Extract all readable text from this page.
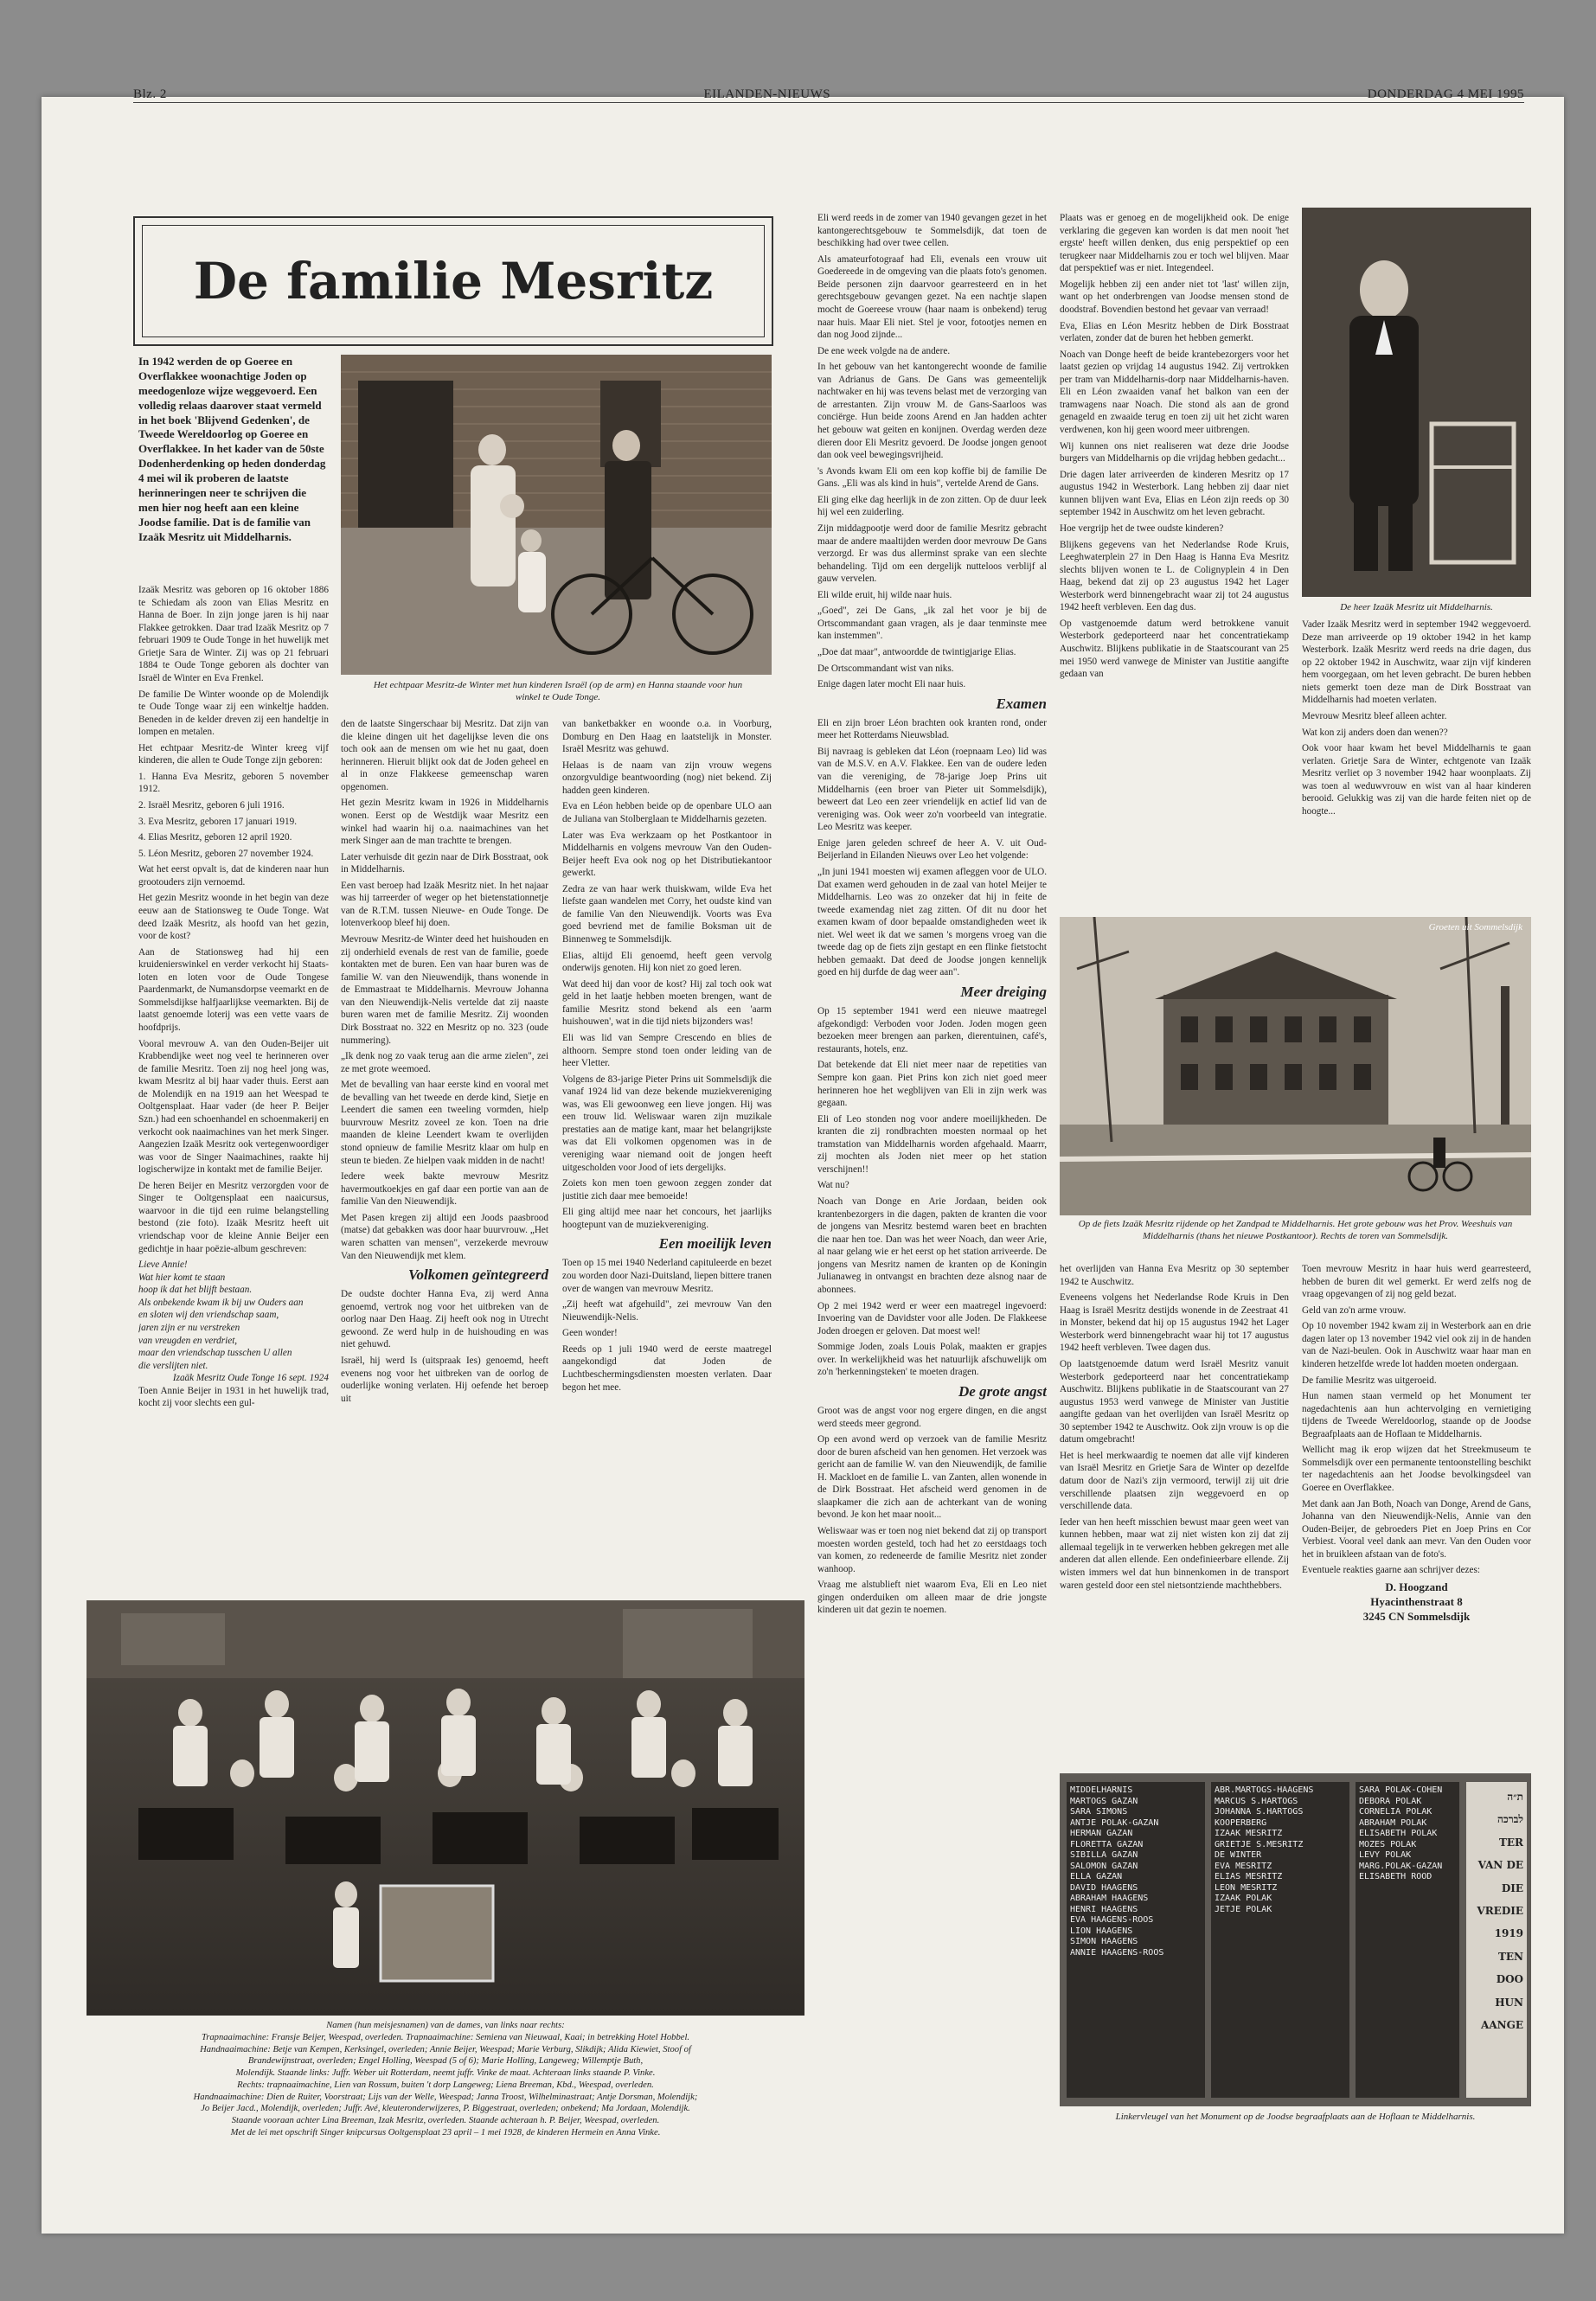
Blz. 2	EILANDEN-NIEUWS	DONDERDAG 4 MEI 1995
De familie Mesritz

In 1942 werden de op Goeree en Overflakkee woonachtige Joden op meedogenloze wijze weggevoerd. Een volledig relaas daarover staat vermeld in het boek 'Blijvend Gedenken', de Tweede Wereldoorlog op Goeree en Overflakkee. In het kader van de 50ste Dodenherdenking op heden donderdag 4 mei wil ik proberen de laatste herinneringen neer te schrijven die men hier nog heeft aan een kleine Joodse familie. Dat is de familie van Izaäk Mesritz uit Middelharnis.

Het echtpaar Mesritz-de Winter met hun kinderen Israël (op de arm) en Hanna staande voor hun winkel te Oude Tonge.

Izaäk Mesritz was geboren op 16 oktober 1886 te Schiedam als zoon van Elias Mesritz en Hanna de Boer. In zijn jonge jaren is hij naar Flakkee getrokken. Daar trad Izaäk Mesritz op 7 februari 1909 te Oude Tonge in het huwelijk met Grietje Sara de Winter. Zij was op 21 februari 1884 te Oude Tonge geboren als dochter van Israël de Winter en Eva Frenkel.

De familie De Winter woonde op de Molendijk te Oude Tonge waar zij een winkeltje hadden. Beneden in de kelder dreven zij een handeltje in lompen en metalen.

Het echtpaar Mesritz-de Winter kreeg vijf kinderen, die allen te Oude Tonge zijn geboren:

1. Hanna Eva Mesritz, geboren 5 november 1912.

2. Israël Mesritz, geboren 6 juli 1916.

3. Eva Mesritz, geboren 17 januari 1919.

4. Elias Mesritz, geboren 12 april 1920.

5. Léon Mesritz, geboren 27 november 1924.

Wat het eerst opvalt is, dat de kinderen naar hun grootouders zijn vernoemd.

Het gezin Mesritz woonde in het begin van deze eeuw aan de Stationsweg te Oude Tonge. Wat deed Izaäk Mesritz, als hoofd van het gezin, voor de kost?

Aan de Stationsweg had hij een kruidenierswinkel en verder verkocht hij Staats-loten en loten voor de Oude Tongese Paardenmarkt, de Numansdorpse veemarkt en de Sommelsdijkse halfjaarlijkse veemarkten. Bij de laatst genoemde loterij was een vette vaars de hoofdprijs.

Vooral mevrouw A. van den Ouden-Beijer uit Krabbendijke weet nog veel te herinneren over de familie Mesritz. Toen zij nog heel jong was, kwam Mesritz al bij haar vader thuis. Eerst aan de Molendijk en na 1919 aan het Weespad te Ooltgensplaat. Haar vader (de heer P. Beijer Szn.) had een schoenhandel en schoenmakerij en verkocht ook naaimachines van het merk Singer. Aangezien Izaäk Mesritz ook vertegenwoordiger was voor de Singer Naaimachines, raakte hij logischerwijze in kontakt met de familie Beijer.

De heren Beijer en Mesritz verzorgden voor de Singer te Ooltgensplaat een naaicursus, waarvoor in die tijd een ruime belangstelling bestond (zie foto). Izaäk Mesritz heeft uit vriendschap voor de kleine Annie Beijer een gedichtje in haar poëzie-album geschreven:

Lieve Annie!
Wat hier komt te staan
hoop ik dat het blijft bestaan.
Als onbekende kwam ik bij uw Ouders aan
en sloten wij den vriendschap saam,
jaren zijn er nu verstreken
van vreugden en verdriet,
maar den vriendschap tusschen U allen
die verslijten niet.
Izaäk Mesritz Oude Tonge 16 sept. 1924

Toen Annie Beijer in 1931 in het huwelijk trad, kocht zij voor slechts een gul-

den de laatste Singerschaar bij Mesritz. Dat zijn van die kleine dingen uit het dagelijkse leven die ons toch ook aan de mensen om wie het nu gaat, doen herinneren. Hieruit blijkt ook dat de Joden geheel en al in onze Flakkeese gemeenschap waren opgenomen.

Het gezin Mesritz kwam in 1926 in Middelharnis wonen. Eerst op de Westdijk waar Mesritz een winkel had waarin hij o.a. naaimachines van het merk Singer aan de man trachtte te brengen.

Later verhuisde dit gezin naar de Dirk Bosstraat, ook in Middelharnis.

Een vast beroep had Izaäk Mesritz niet. In het najaar was hij tarreerder of weger op het bietenstationnetje van de R.T.M. tussen Nieuwe- en Oude Tonge. De lotenverkoop bleef hij doen.

Mevrouw Mesritz-de Winter deed het huishouden en zij onderhield evenals de rest van de familie, goede kontakten met de buren. Een van haar buren was de familie W. van den Nieuwendijk, thans wonende in de Emmastraat te Middelharnis. Mevrouw Johanna van den Nieuwendijk-Nelis vertelde dat zij naaste buren waren met de familie Mesritz. Zij woonden Dirk Bosstraat no. 322 en Mesritz op no. 323 (oude nummering).

„Ik denk nog zo vaak terug aan die arme zielen", zei ze met grote weemoed.

Met de bevalling van haar eerste kind en vooral met de bevalling van het tweede en derde kind, Sietje en Leendert die samen een tweeling vormden, hielp buurvrouw Mesritz zoveel ze kon. Toen na drie maanden de kleine Leendert kwam te overlijden stond opnieuw de familie Mesritz klaar om hulp en steun te bieden. Ze hielpen vaak midden in de nacht!

Iedere week bakte mevrouw Mesritz havermoutkoekjes en gaf daar een portie van aan de familie Van den Nieuwendijk.

Met Pasen kregen zij altijd een Joods paasbrood (matse) dat gebakken was door haar buurvrouw. „Het waren schatten van mensen", verzekerde mevrouw Van den Nieuwendijk met klem.

Volkomen geïntegreerd

De oudste dochter Hanna Eva, zij werd Anna genoemd, vertrok nog voor het uitbreken van de oorlog naar Den Haag. Zij heeft ook nog in Utrecht gewoond. Ze werd hulp in de huishouding en was niet gehuwd.

Israël, hij werd Is (uitspraak Ies) genoemd, heeft evenens nog voor het uitbreken van de oorlog de ouderlijke woning verlaten. Hij oefende het beroep uit

van banketbakker en woonde o.a. in Voorburg, Domburg en Den Haag en laatstelijk in Monster. Israël Mesritz was gehuwd.

Helaas is de naam van zijn vrouw wegens onzorgvuldige beantwoording (nog) niet bekend. Zij hadden geen kinderen.

Eva en Léon hebben beide op de openbare ULO aan de Juliana van Stolberglaan te Middelharnis gezeten.

Later was Eva werkzaam op het Postkantoor in Middelharnis en volgens mevrouw Van den Ouden-Beijer heeft Eva ook nog op het Distributiekantoor gewerkt.

Zedra ze van haar werk thuiskwam, wilde Eva het liefste gaan wandelen met Corry, het oudste kind van de familie Van den Nieuwendijk. Voorts was Eva goed bevriend met de familie Boksman uit de Binnenweg te Sommelsdijk.

Elias, altijd Eli genoemd, heeft geen vervolg onderwijs genoten. Hij kon niet zo goed leren.

Wat deed hij dan voor de kost? Hij zal toch ook wat geld in het laatje hebben moeten brengen, want de familie Mesritz stond bekend als een 'aarm huishouwen', wat in die tijd niets bijzonders was!

Eli was lid van Sempre Crescendo en blies de althoorn. Sempre stond toen onder leiding van de heer Vletter.

Volgens de 83-jarige Pieter Prins uit Sommelsdijk die vanaf 1924 lid van deze bekende muziekvereniging was, was Eli gewoonweg een lieve jongen. Hij was een trouw lid. Weliswaar waren zijn muzikale prestaties aan de matige kant, maar het belangrijkste was dat Eli volkomen opgenomen was in de vereniging waar niemand ooit de jongen heeft uitgescholden voor Jood of iets dergelijks.

Zoiets kon men toen gewoon zeggen zonder dat justitie zich daar mee bemoeide!

Eli ging altijd mee naar het concours, het jaarlijks hoogtepunt van de muziekvereniging.

Een moeilijk leven

Toen op 15 mei 1940 Nederland capituleerde en bezet zou worden door Nazi-Duitsland, liepen bittere tranen over de wangen van mevrouw Mesritz.

„Zij heeft wat afgehuild", zei mevrouw Van den Nieuwendijk-Nelis.

Geen wonder!

Reeds op 1 juli 1940 werd de eerste maatregel aangekondigd dat Joden de Luchtbeschermingsdiensten moesten verlaten. Daar begon het mee.

Namen (hun meisjesnamen) van de dames, van links naar rechts:
Trapnaaimachine: Fransje Beijer, Weespad, overleden. Trapnaaimachine: Semiena van Nieuwaal, Kaai; in betrekking Hotel Hobbel.
Handnaaimachine: Betje van Kempen, Kerksingel, overleden; Annie Beijer, Weespad; Marie Verburg, Slikdijk; Alida Kiewiet, Stoof of
Brandewijnstraat, overleden; Engel Holling, Weespad (5 of 6); Marie Holling, Langeweg; Willemptje Buth,
Molendijk. Staande links: Juffr. Weber uit Rotterdam, neemt juffr. Vinke de maat. Achteraan links staande P. Vinke.
Rechts: trapnaaimachine, Lien van Rossum, buiten 't dorp Langeweg; Liena Breeman, Kbd., Weespad, overleden.
Handnaaimachine: Dien de Ruiter, Voorstraat; Lijs van der Welle, Weespad; Janna Troost, Wilhelminastraat; Antje Dorsman, Molendijk;
Jo Beijer Jacd., Molendijk, overleden; Juffr. Avé, kleuteronderwijzeres, P. Biggestraat, overleden; onbekend; Ma Jordaan, Molendijk.
Staande vooraan achter Lina Breeman, Izak Mesritz, overleden. Staande achteraan h. P. Beijer, Weespad, overleden.
Met de lei met opschrift Singer knipcursus Ooltgensplaat 23 april – 1 mei 1928, de kinderen Hermein en Anna Vinke.

Eli werd reeds in de zomer van 1940 gevangen gezet in het kantongerechtsgebouw te Sommelsdijk, dat toen de beschikking had over twee cellen.

Als amateurfotograaf had Eli, evenals een vrouw uit Goedereede in de omgeving van die plaats foto's genomen. Beide personen zijn daarvoor gearresteerd en in het gerechtsgebouw gevangen gezet. Na een nachtje slapen mocht de Goereese vrouw (haar naam is onbekend) terug naar huis. Maar Eli niet. Stel je voor, fotootjes nemen en dan nog Jood zijnde...

De ene week volgde na de andere.

In het gebouw van het kantongerecht woonde de familie van Adrianus de Gans. De Gans was gemeentelijk nachtwaker en hij was tevens belast met de verzorging van de arrestanten. Zijn vrouw M. de Gans-Saarloos was conciërge. Hun beide zoons Arend en Jan hadden achter het gebouw wat geiten en konijnen. Overdag werden deze dieren door Eli Mesritz gevoerd. De Joodse jongen genoot dan ook veel bewegingsvrijheid.

's Avonds kwam Eli om een kop koffie bij de familie De Gans. „Eli was als kind in huis", vertelde Arend de Gans.

Eli ging elke dag heerlijk in de zon zitten. Op de duur leek hij wel een zuiderling.

Zijn middagpootje werd door de familie Mesritz gebracht maar de andere maaltijden werden door mevrouw De Gans verzorgd. Er was dus allerminst sprake van een slechte behandeling. Tijd om een dergelijk nutteloos verblijf al gauw vervelen.

Eli wilde eruit, hij wilde naar huis.

„Goed", zei De Gans, „ik zal het voor je bij de Ortscommandant gaan vragen, als je daar tenminste mee kan instemmen".

„Doe dat maar", antwoordde de twintigjarige Elias.

De Ortscommandant wist van niks.

Enige dagen later mocht Eli naar huis.

Examen

Eli en zijn broer Léon brachten ook kranten rond, onder meer het Rotterdams Nieuwsblad.

Bij navraag is gebleken dat Léon (roepnaam Leo) lid was van de M.S.V. en A.V. Flakkee. Een van de oudere leden van die vereniging, de 78-jarige Joep Prins uit Middelharnis (een broer van Pieter uit Sommelsdijk), beweert dat Leo een zeer vriendelijk en actief lid van de vereniging was. Ook weer zo'n voorbeeld van integratie. Leo Mesritz was keeper.

Enige jaren geleden schreef de heer A. V. uit Oud-Beijerland in Eilanden Nieuws over Leo het volgende:

„In juni 1941 moesten wij examen afleggen voor de ULO. Dat examen werd gehouden in de zaal van hotel Meijer te Middelharnis. Leo was zo onzeker dat hij in feite de tweede examendag niet zag zitten. Of dit nu door het examen kwam of door bepaalde omstandigheden weet ik niet. Wel weet ik dat we samen 's morgens vroeg van die tweede dag op de fiets zijn gestapt en een flinke fietstocht hebben gemaakt. Dat deed de Joodse jongen kennelijk goed en hij durfde de dag weer aan".

Meer dreiging

Op 15 september 1941 werd een nieuwe maatregel afgekondigd: Verboden voor Joden. Joden mogen geen bezoeken meer brengen aan parken, dierentuinen, café's, restaurants, hotels, enz.

Dat betekende dat Eli niet meer naar de repetities van Sempre kon gaan. Piet Prins kon zich niet goed meer herinneren hoe het wegblijven van Eli in zijn werk was gegaan.

Eli of Leo stonden nog voor andere moeilijkheden. De kranten die zij rondbrachten moesten normaal op het tramstation van Middelharnis worden afgehaald. Maarrr, zij mochten als Joden niet meer op het station verschijnen!!

Wat nu?

Noach van Donge en Arie Jordaan, beiden ook krantenbezorgers in die dagen, pakten de kranten die voor de jongens van Mesritz bestemd waren beet en brachten die naar hen toe. Dan was het weer Noach, dan weer Arie, al naar gelang wie er het eerst op het station arriveerde. De jongens van Mesritz namen de kranten op de Koningin Julianaweg in ontvangst en brachten deze alsnog naar de abonnees.

Op 2 mei 1942 werd er weer een maatregel ingevoerd: Invoering van de Davidster voor alle Joden. De Flakkeese Joden droegen er geloven. Dat moest wel!

Sommige Joden, zoals Louis Polak, maakten er grapjes over. In werkelijkheid was het natuurlijk afschuwelijk om zo'n 'herkenningsteken' te moeten dragen.

De grote angst

Groot was de angst voor nog ergere dingen, en die angst werd steeds meer gegrond.

Op een avond werd op verzoek van de familie Mesritz door de buren afscheid van hen genomen. Het verzoek was gericht aan de familie W. van den Nieuwendijk, de familie H. Mackloet en de familie L. van Zanten, allen wonende in de Dirk Bosstraat. Het afscheid werd genomen in de slaapkamer die zich aan de achterkant van de woning bevond. Je kon het maar nooit...

Weliswaar was er toen nog niet bekend dat zij op transport moesten worden gesteld, toch had het zo eerstdaags toch van komen, zo redeneerde de familie Mesritz niet zonder wanhoop.

Vraag me alstublieft niet waarom Eva, Eli en Leo niet gingen onderduiken om alleen maar de drie jongste kinderen uit dat gezin te noemen.

Plaats was er genoeg en de mogelijkheid ook. De enige verklaring die gegeven kan worden is dat men nooit 'het ergste' heeft willen denken, dus enig perspektief op een terugkeer naar Middelharnis zou er toch wel blijven. Maar dat perspektief was er niet. Integendeel.

Mogelijk hebben zij een ander niet tot 'last' willen zijn, want op het onderbrengen van Joodse mensen stond de doodstraf. Bovendien bestond het gevaar van verraad!

Eva, Elias en Léon Mesritz hebben de Dirk Bosstraat verlaten, zonder dat de buren het hebben gemerkt.

Noach van Donge heeft de beide krantebezorgers voor het laatst gezien op vrijdag 14 augustus 1942. Zij vertrokken per tram van Middelharnis-dorp naar Middelharnis-haven. Eli en Léon zwaaiden vanaf het balkon van een der tramwagens naar Noach. Die stond als aan de grond genageld en zwaaide terug en toen zij uit het zicht waren verdwenen, kon hij geen woord meer uitbrengen.

Wij kunnen ons niet realiseren wat deze drie Joodse burgers van Middelharnis op die vrijdag hebben gedacht...

Drie dagen later arriveerden de kinderen Mesritz op 17 augustus 1942 in Westerbork. Lang hebben zij daar niet kunnen blijven want Eva, Elias en Léon zijn reeds op 30 september 1942 in Auschwitz om het leven gebracht.

Hoe vergrijp het de twee oudste kinderen?

Blijkens gegevens van het Nederlandse Rode Kruis, Leeghwaterplein 27 in Den Haag is Hanna Eva Mesritz slechts blijven wonen te L. de Colignyplein 4 in Den Haag, bekend dat zij op 23 augustus 1942 het Lager Westerbork werd binnengebracht waar zij tot 24 augustus 1942 heeft verbleven. Een dag dus.

Op vastgenoemde datum werd betrokkene vanuit Westerbork gedeporteerd naar het concentratiekamp Auschwitz. Blijkens publikatie in de Staatscourant van 25 mei 1950 werd vanwege de Minister van Justitie aangifte gedaan van

De heer Izaäk Mesritz uit Middelharnis.

Vader Izaäk Mesritz werd in september 1942 weggevoerd. Deze man arriveerde op 19 oktober 1942 in het kamp Westerbork. Izaäk Mesritz werd reeds na drie dagen, dus op 22 oktober 1942 in Auschwitz, waar zijn vijf kinderen hem voorgegaan, om het leven gebracht. De buren hebben niets gemerkt toen deze man de Dirk Bosstraat van Middelharnis had moeten verlaten.

Mevrouw Mesritz bleef alleen achter.

Wat kon zij anders doen dan wenen??

Ook voor haar kwam het bevel Middelharnis te gaan verlaten. Grietje Sara de Winter, echtgenote van Izaäk Mesritz verliet op 3 november 1942 haar woonplaats. Zij was toen al weduwvrouw en wist van al haar kinderen berooid. Gelukkig was zij van die harde feiten niet op de hoogte...

Groeten uit Sommelsdijk
Op de fiets Izaäk Mesritz rijdende op het Zandpad te Middelharnis. Het grote gebouw was het Prov. Weeshuis van Middelharnis (thans het nieuwe Postkantoor). Rechts de toren van Sommelsdijk.

het overlijden van Hanna Eva Mesritz op 30 september 1942 te Auschwitz.

Eveneens volgens het Nederlandse Rode Kruis in Den Haag is Israël Mesritz destijds wonende in de Zeestraat 41 in Monster, bekend dat hij op 15 augustus 1942 het Lager Westerbork werd binnengebracht waar hij tot 17 augustus 1942 heeft verbleven. Twee dagen dus.

Op laatstgenoemde datum werd Israël Mesritz vanuit Westerbork gedeporteerd naar het concentratiekamp Auschwitz. Blijkens publikatie in de Staatscourant van 27 augustus 1953 werd vanwege de Minister van Justitie aangifte gedaan van het overlijden van Israël Mesritz op 30 september 1942 te Auschwitz. Ook zijn vrouw is op die datum omgebracht!

Het is heel merkwaardig te noemen dat alle vijf kinderen van Israël Mesritz en Grietje Sara de Winter op dezelfde datum door de Nazi's zijn vermoord, terwijl zij uit drie verschillende plaatsen zijn weggevoerd en op verschillende data.

Ieder van hen heeft misschien bewust maar geen weet van kunnen hebben, maar wat zij niet wisten kon zij dat zij allemaal tegelijk in te verwerken hebben gekregen met alle anderen dat allen ellende. Een ondefinieerbare ellende. Zij wisten immers wel dat hun binnenkomen in de transport waren gesteld door een stel nietsontziende machthebbers.

Toen mevrouw Mesritz in haar huis werd gearresteerd, hebben de buren dit wel gemerkt. Er werd zelfs nog de vraag opgevangen of zij nog geld bezat.

Geld van zo'n arme vrouw.

Op 10 november 1942 kwam zij in Westerbork aan en drie dagen later op 13 november 1942 viel ook zij in de handen van de Nazi-beulen. Ook in Auschwitz waar haar man en kinderen hetzelfde wrede lot hadden moeten ondergaan.

De familie Mesritz was uitgeroeid.

Hun namen staan vermeld op het Monument ter nagedachtenis aan hun achtervolging en vernietiging tijdens de Tweede Wereldoorlog, staande op de Joodse Begraafplaats aan de Hoflaan te Middelharnis.

Wellicht mag ik erop wijzen dat het Streekmuseum te Sommelsdijk over een permanente tentoonstelling beschikt ter nagedachtenis aan het Joodse bevolkingsdeel van Goeree en Overflakkee.

Met dank aan Jan Both, Noach van Donge, Arend de Gans, Johanna van den Nieuwendijk-Nelis, Annie van den Ouden-Beijer, de gebroeders Piet en Joep Prins en Cor Verbiest. Vooral veel dank aan mevr. Van den Ouden voor het in bruikleen afstaan van de foto's.

Eventuele reakties gaarne aan schrijver dezes:

D. Hoogzand
Hyacinthenstraat 8
3245 CN Sommelsdijk
MIDDELHARNIS
MARTOGS GAZAN
SARA SIMONS
ANTJE POLAK-GAZAN
HERMAN GAZAN
FLORETTA GAZAN
SIBILLA GAZAN
SALOMON GAZAN
ELLA GAZAN
DAVID HAAGENS
ABRAHAM HAAGENS
HENRI HAAGENS
EVA HAAGENS-ROOS
LION HAAGENS
SIMON HAAGENS
ANNIE HAAGENS-ROOS
ABR.MARTOGS-HAAGENS
MARCUS S.HARTOGS
JOHANNA S.HARTOGS
KOOPERBERG
IZAAK MESRITZ
GRIETJE S.MESRITZ
DE WINTER
EVA MESRITZ
ELIAS MESRITZ
LEON MESRITZ
IZAAK POLAK
JETJE POLAK
SARA POLAK-COHEN
DEBORA POLAK
CORNELIA POLAK
ABRAHAM POLAK
ELISABETH POLAK
MOZES POLAK
LEVY POLAK
MARG.POLAK-GAZAN
ELISABETH ROOD
ת״ה
לברכה
TER
VAN DE
DIE
VREDIE
1919
TEN DOO
HUN AANGE
Linkervleugel van het Monument op de Joodse begraafplaats aan de Hoflaan te Middelharnis.
